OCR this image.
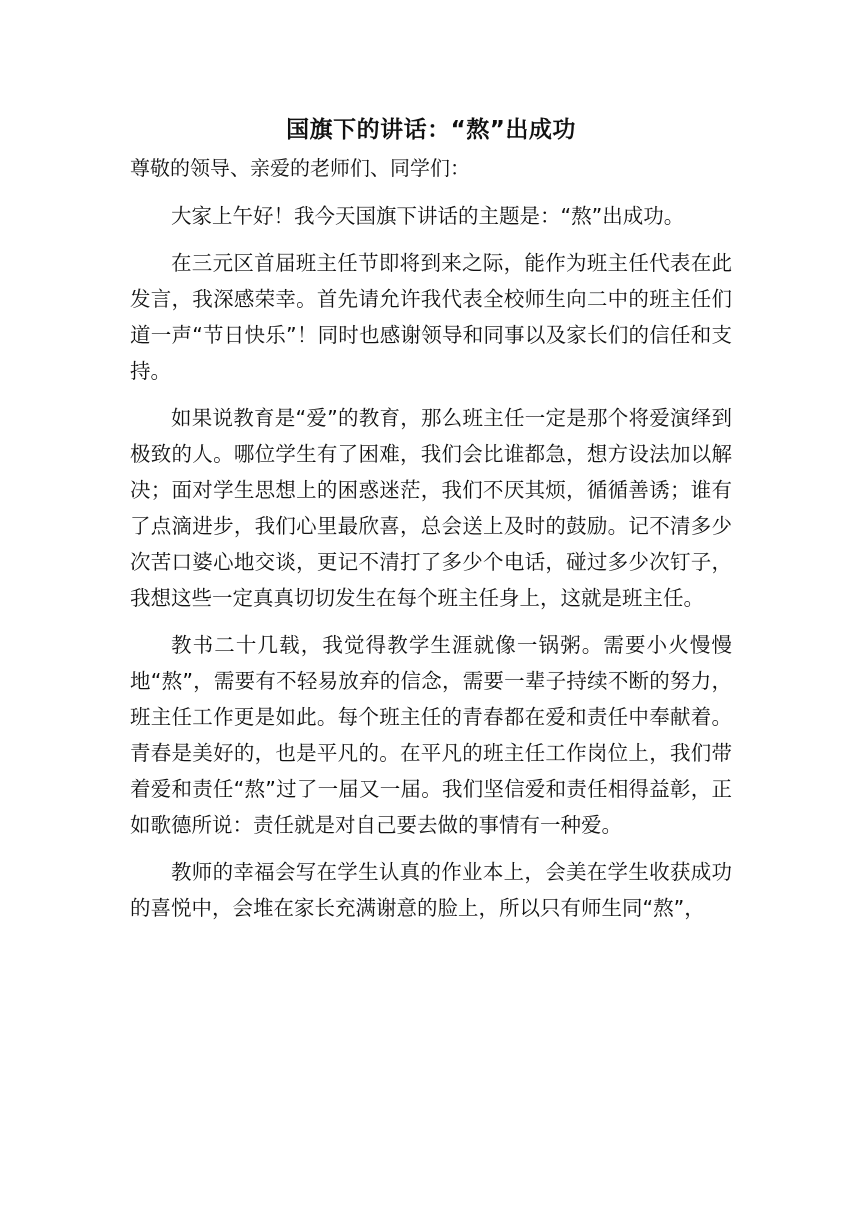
国旗下的讲话：“熬”出成功
尊敬的领导、亲爱的老师们、同学们：

大家上午好！我今天国旗下讲话的主题是：“熬”出成功。

在三元区首届班主任节即将到来之际，能作为班主任代表在此发言，我深感荣幸。首先请允许我代表全校师生向二中的班主任们道一声“节日快乐”！同时也感谢领导和同事以及家长们的信任和支持。

如果说教育是“爱”的教育，那么班主任一定是那个将爱演绎到极致的人。哪位学生有了困难，我们会比谁都急，想方设法加以解决；面对学生思想上的困惑迷茫，我们不厌其烦，循循善诱；谁有了点滴进步，我们心里最欣喜，总会送上及时的鼓励。记不清多少次苦口婆心地交谈，更记不清打了多少个电话，碰过多少次钉子，我想这些一定真真切切发生在每个班主任身上，这就是班主任。

教书二十几载，我觉得教学生涯就像一锅粥。需要小火慢慢地“熬”，需要有不轻易放弃的信念，需要一辈子持续不断的努力，班主任工作更是如此。每个班主任的青春都在爱和责任中奉献着。青春是美好的，也是平凡的。在平凡的班主任工作岗位上，我们带着爱和责任“熬”过了一届又一届。我们坚信爱和责任相得益彰，正如歌德所说：责任就是对自己要去做的事情有一种爱。

教师的幸福会写在学生认真的作业本上，会美在学生收获成功的喜悦中，会堆在家长充满谢意的脸上，所以只有师生同“熬”，
